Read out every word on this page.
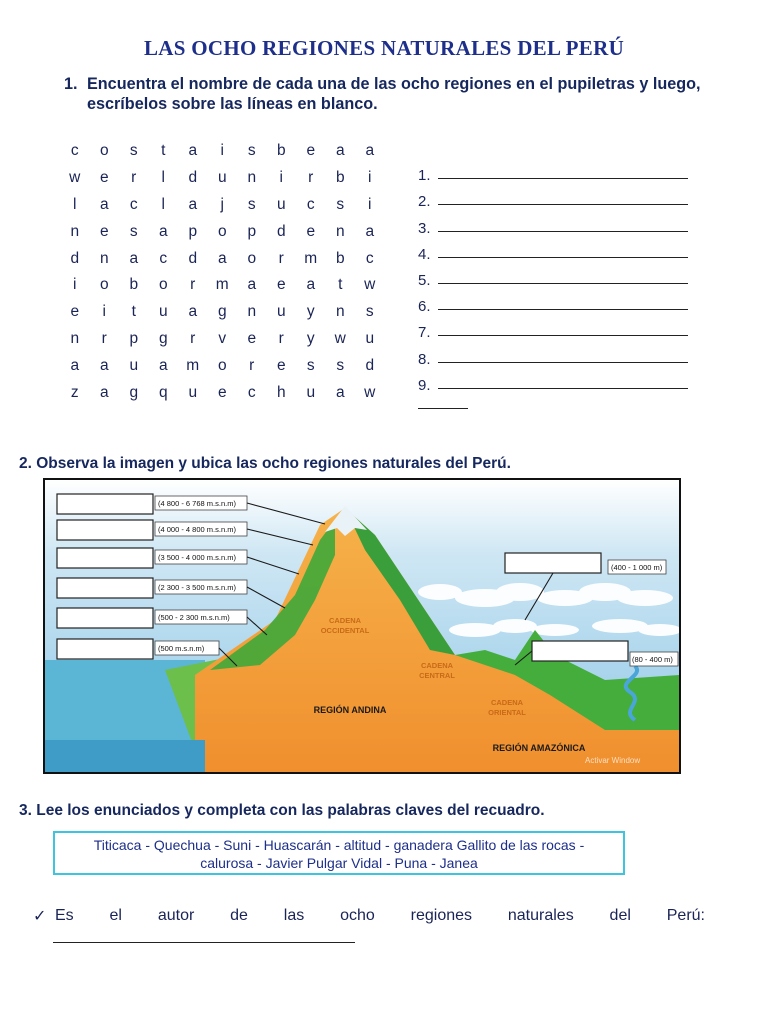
LAS OCHO REGIONES NATURALES DEL PERÚ
1. Encuentra el nombre de cada una de las ocho regiones en el pupiletras y luego, escríbelos sobre las líneas en blanco.
c	o	s	t	a	i	s	b	e	a	a
w	e	r	l	d	u	n	i	r	b	i
l	a	c	l	a	j	s	u	c	s	i
n	e	s	a	p	o	p	d	e	n	a
d	n	a	c	d	a	o	r	m	b	c
i	o	b	o	r	m	a	e	a	t	w
e	i	t	u	a	g	n	u	y	n	s
n	r	p	g	r	v	e	r	y	w	u
a	a	u	a	m	o	r	e	s	s	d
z	a	g	q	u	e	c	h	u	a	w
1.
2.
3.
4.
5.
6.
7.
8.
9.
2. Observa la imagen y ubica las ocho regiones naturales del Perú.
(4 800 - 6 768 m.s.n.m)
(4 000 - 4 800 m.s.n.m)
(3 500 - 4 000 m.s.n.m)
(2 300 - 3 500 m.s.n.m)
(500 - 2 300 m.s.n.m)
(500 m.s.n.m)
(400 - 1 000 m)
(80 - 400 m)
CADENA
OCCIDENTAL
CADENA
CENTRAL
CADENA
ORIENTAL
REGIÓN ANDINA
REGIÓN AMAZÓNICA
Activar Window
3. Lee los enunciados y completa con las palabras claves del recuadro.
Titicaca - Quechua - Suni - Huascarán - altitud - ganadera Gallito de las rocas -
calurosa - Javier Pulgar Vidal - Puna - Janea
✓ Es el autor de las ocho regiones naturales del Perú:
